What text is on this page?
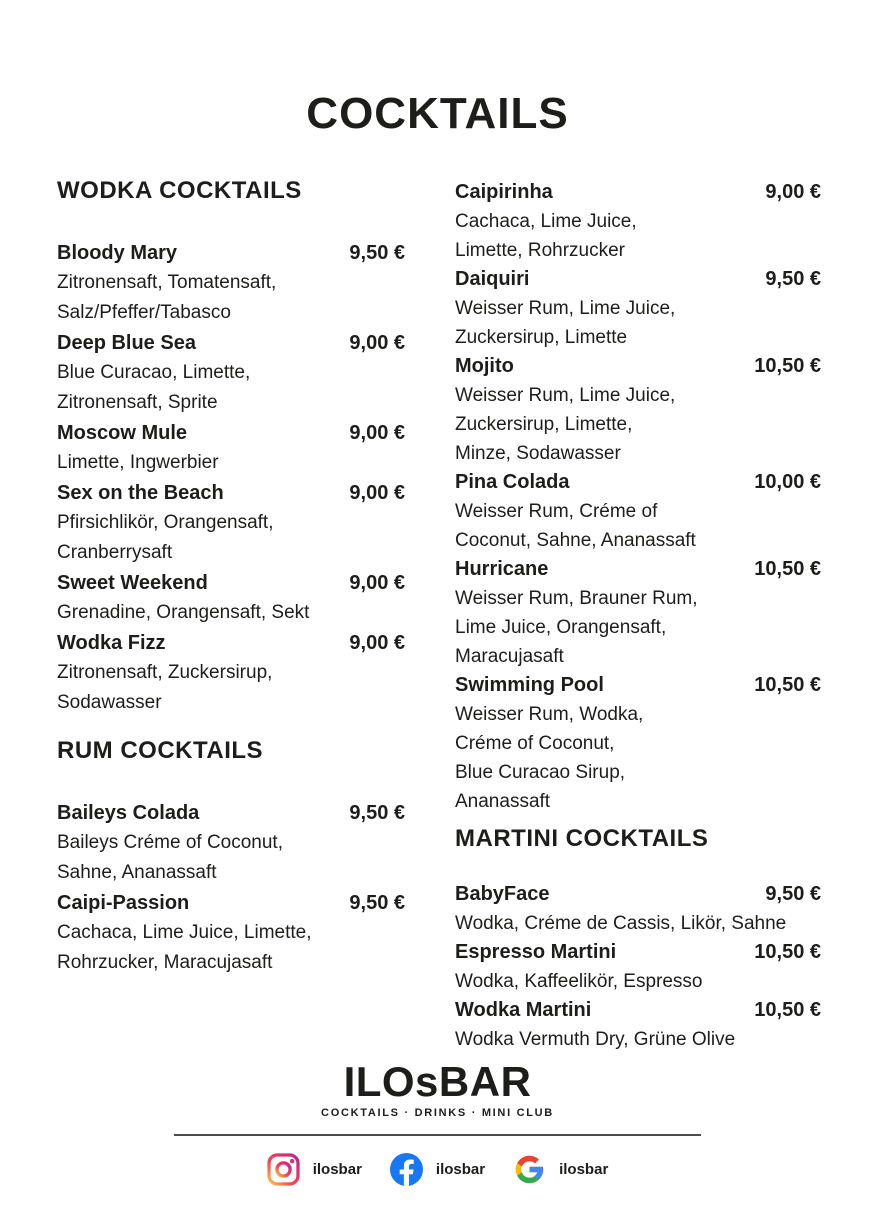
COCKTAILS
WODKA COCKTAILS
Bloody Mary	9,50 €
Zitronensaft, Tomatensaft,
Salz/Pfeffer/Tabasco
Deep Blue Sea	9,00 €
Blue Curacao, Limette,
Zitronensaft, Sprite
Moscow Mule	9,00 €
Limette, Ingwerbier
Sex on the Beach	9,00 €
Pfirsichlikör, Orangensaft,
Cranberrysaft
Sweet Weekend	9,00 €
Grenadine, Orangensaft, Sekt
Wodka Fizz	9,00 €
Zitronensaft, Zuckersirup,
Sodawasser
RUM COCKTAILS
Baileys Colada	9,50 €
Baileys Créme of Coconut,
Sahne, Ananassaft
Caipi-Passion	9,50 €
Cachaca, Lime Juice, Limette,
Rohrzucker, Maracujasaft
Caipirinha	9,00 €
Cachaca, Lime Juice,
Limette, Rohrzucker
Daiquiri	9,50 €
Weisser Rum, Lime Juice,
Zuckersirup, Limette
Mojito	10,50 €
Weisser Rum, Lime Juice,
Zuckersirup, Limette,
Minze, Sodawasser
Pina Colada	10,00 €
Weisser Rum, Créme of
Coconut, Sahne, Ananassaft
Hurricane	10,50 €
Weisser Rum, Brauner Rum,
Lime Juice, Orangensaft,
Maracujasaft
Swimming Pool	10,50 €
Weisser Rum, Wodka,
Créme of Coconut,
Blue Curacao Sirup,
Ananassaft
MARTINI COCKTAILS
BabyFace	9,50 €
Wodka, Créme de Cassis, Likör, Sahne
Espresso Martini	10,50 €
Wodka, Kaffeelikör, Espresso
Wodka Martini	10,50 €
Wodka Vermuth Dry, Grüne Olive
ILOsBAR
COCKTAILS · DRINKS · MINI CLUB
ilosbar	ilosbar	ilosbar
